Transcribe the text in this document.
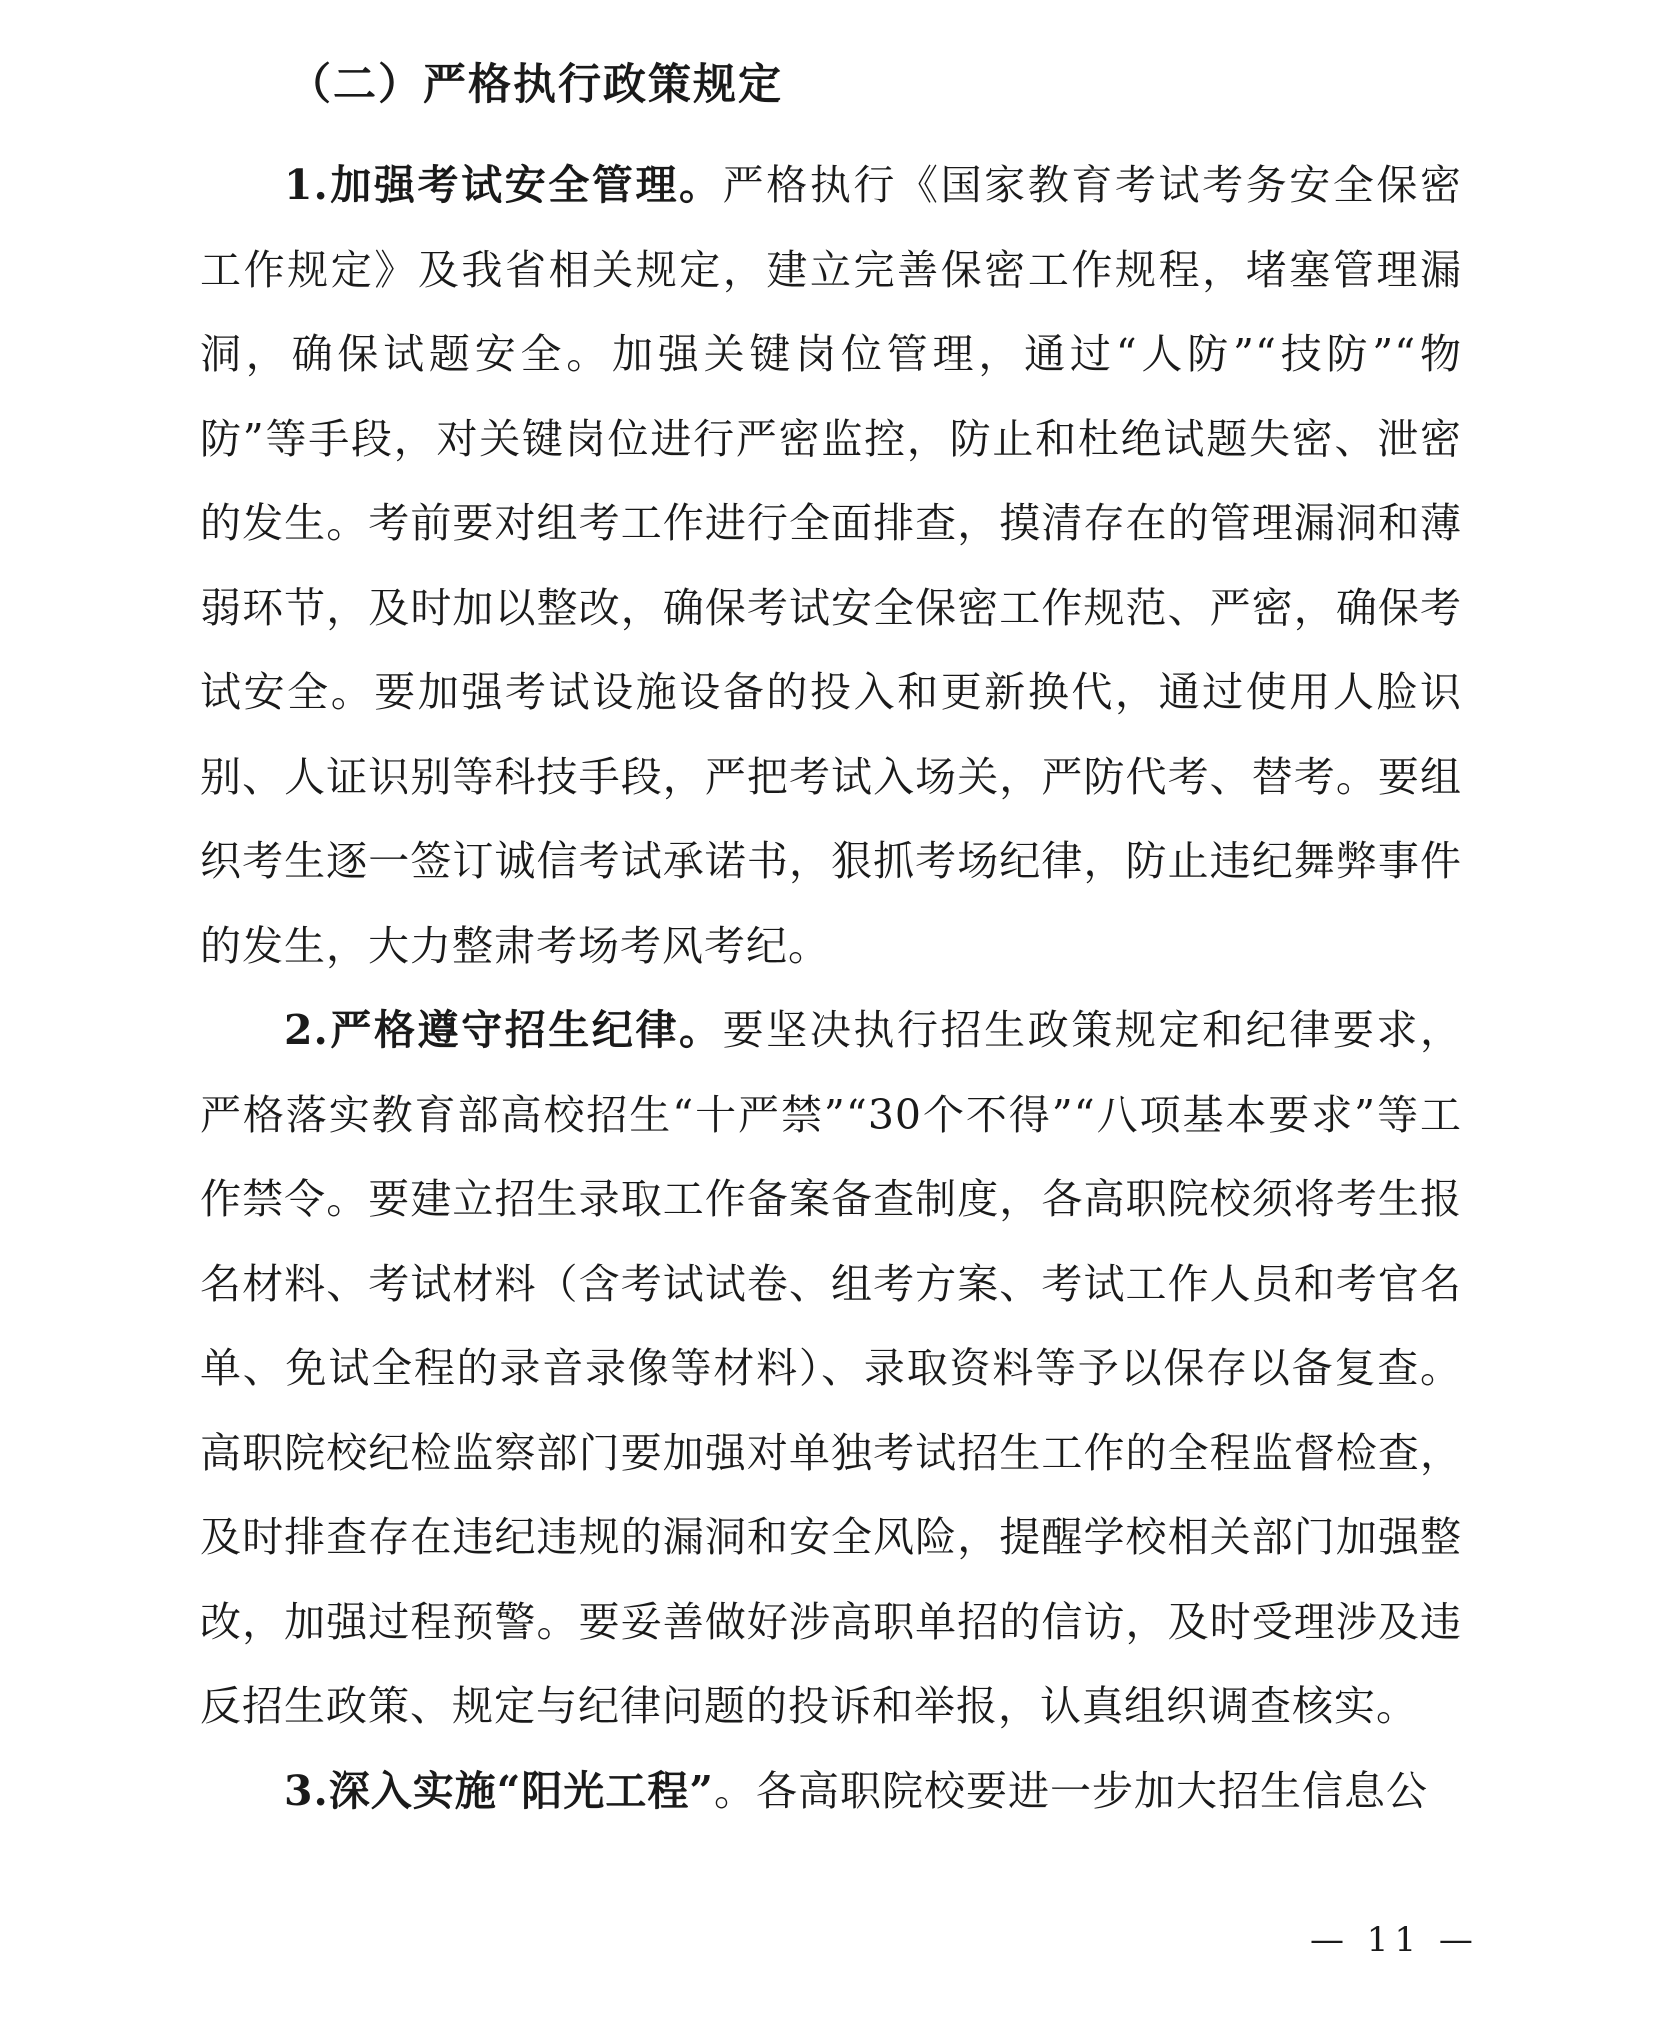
（二）严格执行政策规定

1.加强考试安全管理。严格执行《国家教育考试考务安全保密工作规定》及我省相关规定，建立完善保密工作规程，堵塞管理漏洞，确保试题安全。加强关键岗位管理，通过“人防”“技防”“物防”等手段，对关键岗位进行严密监控，防止和杜绝试题失密、泄密的发生。考前要对组考工作进行全面排查，摸清存在的管理漏洞和薄弱环节，及时加以整改，确保考试安全保密工作规范、严密，确保考试安全。要加强考试设施设备的投入和更新换代，通过使用人脸识别、人证识别等科技手段，严把考试入场关，严防代考、替考。要组织考生逐一签订诚信考试承诺书，狠抓考场纪律，防止违纪舞弊事件的发生，大力整肃考场考风考纪。

2.严格遵守招生纪律。要坚决执行招生政策规定和纪律要求，严格落实教育部高校招生“十严禁”“30个不得”“八项基本要求”等工作禁令。要建立招生录取工作备案备查制度，各高职院校须将考生报名材料、考试材料（含考试试卷、组考方案、考试工作人员和考官名单、免试全程的录音录像等材料）、录取资料等予以保存以备复查。高职院校纪检监察部门要加强对单独考试招生工作的全程监督检查，及时排查存在违纪违规的漏洞和安全风险，提醒学校相关部门加强整改，加强过程预警。要妥善做好涉高职单招的信访，及时受理涉及违反招生政策、规定与纪律问题的投诉和举报，认真组织调查核实。

3.深入实施“阳光工程”。各高职院校要进一步加大招生信息公

— 11 —
